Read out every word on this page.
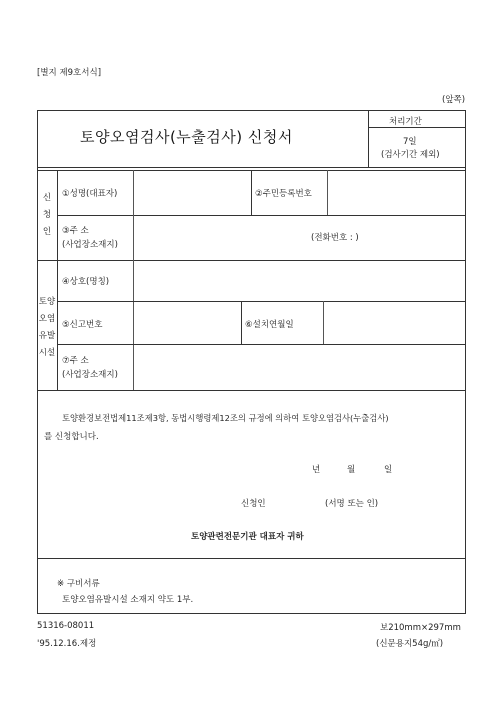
[별지 제9호서식]
(앞쪽)
토양오염검사(누출검사) 신청서
처리기간
7일
(검사기간 제외)
신
청
인
①성명(대표자)	②주민등록번호
③주 소
(사업장소재지)
(전화번호 : )
토양
오염
유발
시설
④상호(명칭)
⑤신고번호	⑥설치연월일
⑦주 소
(사업장소재지)
토양환경보전법제11조제3항, 동법시행령제12조의 규정에 의하여 토양오염검사(누출검사)
를 신청합니다.
년	월	일
신청인	(서명 또는 인)
토양관련전문기관 대표자 귀하
※ 구비서류
토양오염유발시설 소재지 약도 1부.
51316-08011
'95.12.16.제정
보210mm×297mm
(신문용지54g/㎡)
